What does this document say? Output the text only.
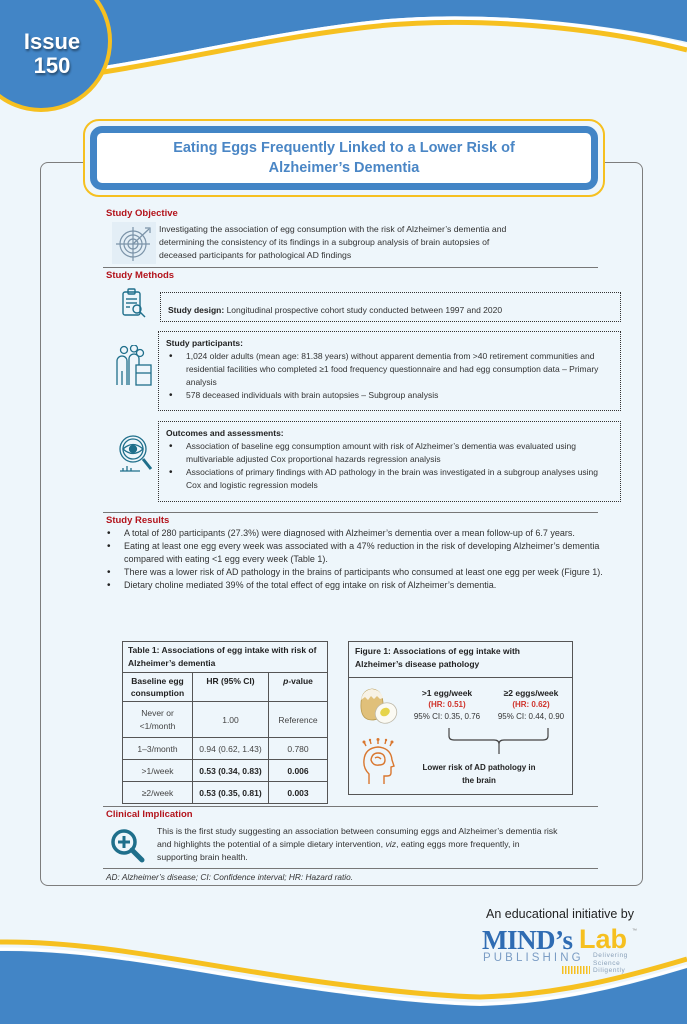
Issue
150
Eating Eggs Frequently Linked to a Lower Risk of
Alzheimer’s Dementia
Study Objective
Investigating the association of egg consumption with the risk of Alzheimer’s dementia and
determining the consistency of its findings in a subgroup analysis of brain autopsies of
deceased participants for pathological AD findings
Study Methods
Study design: Longitudinal prospective cohort study conducted between 1997 and 2020
Study participants:
• 1,024 older adults (mean age: 81.38 years) without apparent dementia from >40 retirement communities and residential facilities who completed ≥1 food frequency questionnaire and had egg consumption data – Primary analysis
• 578 deceased individuals with brain autopsies – Subgroup analysis
Outcomes and assessments:
• Association of baseline egg consumption amount with risk of Alzheimer’s dementia was evaluated using multivariable adjusted Cox proportional hazards regression analysis
• Associations of primary findings with AD pathology in the brain was investigated in a subgroup analyses using Cox and logistic regression models
Study Results
• A total of 280 participants (27.3%) were diagnosed with Alzheimer’s dementia over a mean follow-up of 6.7 years.
• Eating at least one egg every week was associated with a 47% reduction in the risk of developing Alzheimer’s dementia compared with eating <1 egg every week (Table 1).
• There was a lower risk of AD pathology in the brains of participants who consumed at least one egg per week (Figure 1).
• Dietary choline mediated 39% of the total effect of egg intake on risk of Alzheimer’s dementia.
Table 1: Associations of egg intake with risk of Alzheimer’s dementia		
Baseline egg consumption	HR (95% CI)	p-value
Never or <1/month	1.00	Reference
1–3/month	0.94 (0.62, 1.43)	0.780
>1/week	0.53 (0.34, 0.83)	0.006
≥2/week	0.53 (0.35, 0.81)	0.003
Figure 1: Associations of egg intake with Alzheimer’s disease pathology
>1 egg/week
(HR: 0.51)
95% CI: 0.35, 0.76
≥2 eggs/week
(HR: 0.62)
95% CI: 0.44, 0.90
Lower risk of AD pathology in the brain
Clinical Implication
This is the first study suggesting an association between consuming eggs and Alzheimer’s dementia risk
and highlights the potential of a simple dietary intervention, viz, eating eggs more frequently, in
supporting brain health.
AD: Alzheimer’s disease; CI: Confidence interval; HR: Hazard ratio.
An educational initiative by
MIND’s Lab ™
PUBLISHING Delivering
Science
Diligently
